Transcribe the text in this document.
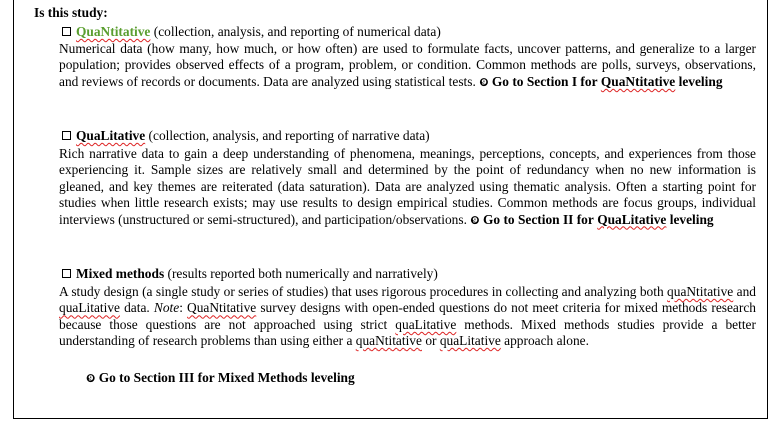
Is this study:
QuaNtitative (collection, analysis, and reporting of numerical data)

Numerical data (how many, how much, or how often) are used to formulate facts, uncover patterns, and generalize to a larger population; provides observed effects of a program, problem, or condition. Common methods are polls, surveys, observations, and reviews of records or documents. Data are analyzed using statistical tests. ❾ Go to Section I for QuaNtitative leveling

QuaLitative (collection, analysis, and reporting of narrative data)

Rich narrative data to gain a deep understanding of phenomena, meanings, perceptions, concepts, and experiences from those experiencing it. Sample sizes are relatively small and determined by the point of redundancy when no new information is gleaned, and key themes are reiterated (data saturation). Data are analyzed using thematic analysis. Often a starting point for studies when little research exists; may use results to design empirical studies. Common methods are focus groups, individual interviews (unstructured or semi-structured), and participation/observations. ❾ Go to Section II for QuaLitative leveling

Mixed methods (results reported both numerically and narratively)

A study design (a single study or series of studies) that uses rigorous procedures in collecting and analyzing both quaNtitative and quaLitative data. Note: QuaNtitative survey designs with open-ended questions do not meet criteria for mixed methods research because those questions are not approached using strict quaLitative methods. Mixed methods studies provide a better understanding of research problems than using either a quaNtitative or quaLitative approach alone.

❾ Go to Section III for Mixed Methods leveling
